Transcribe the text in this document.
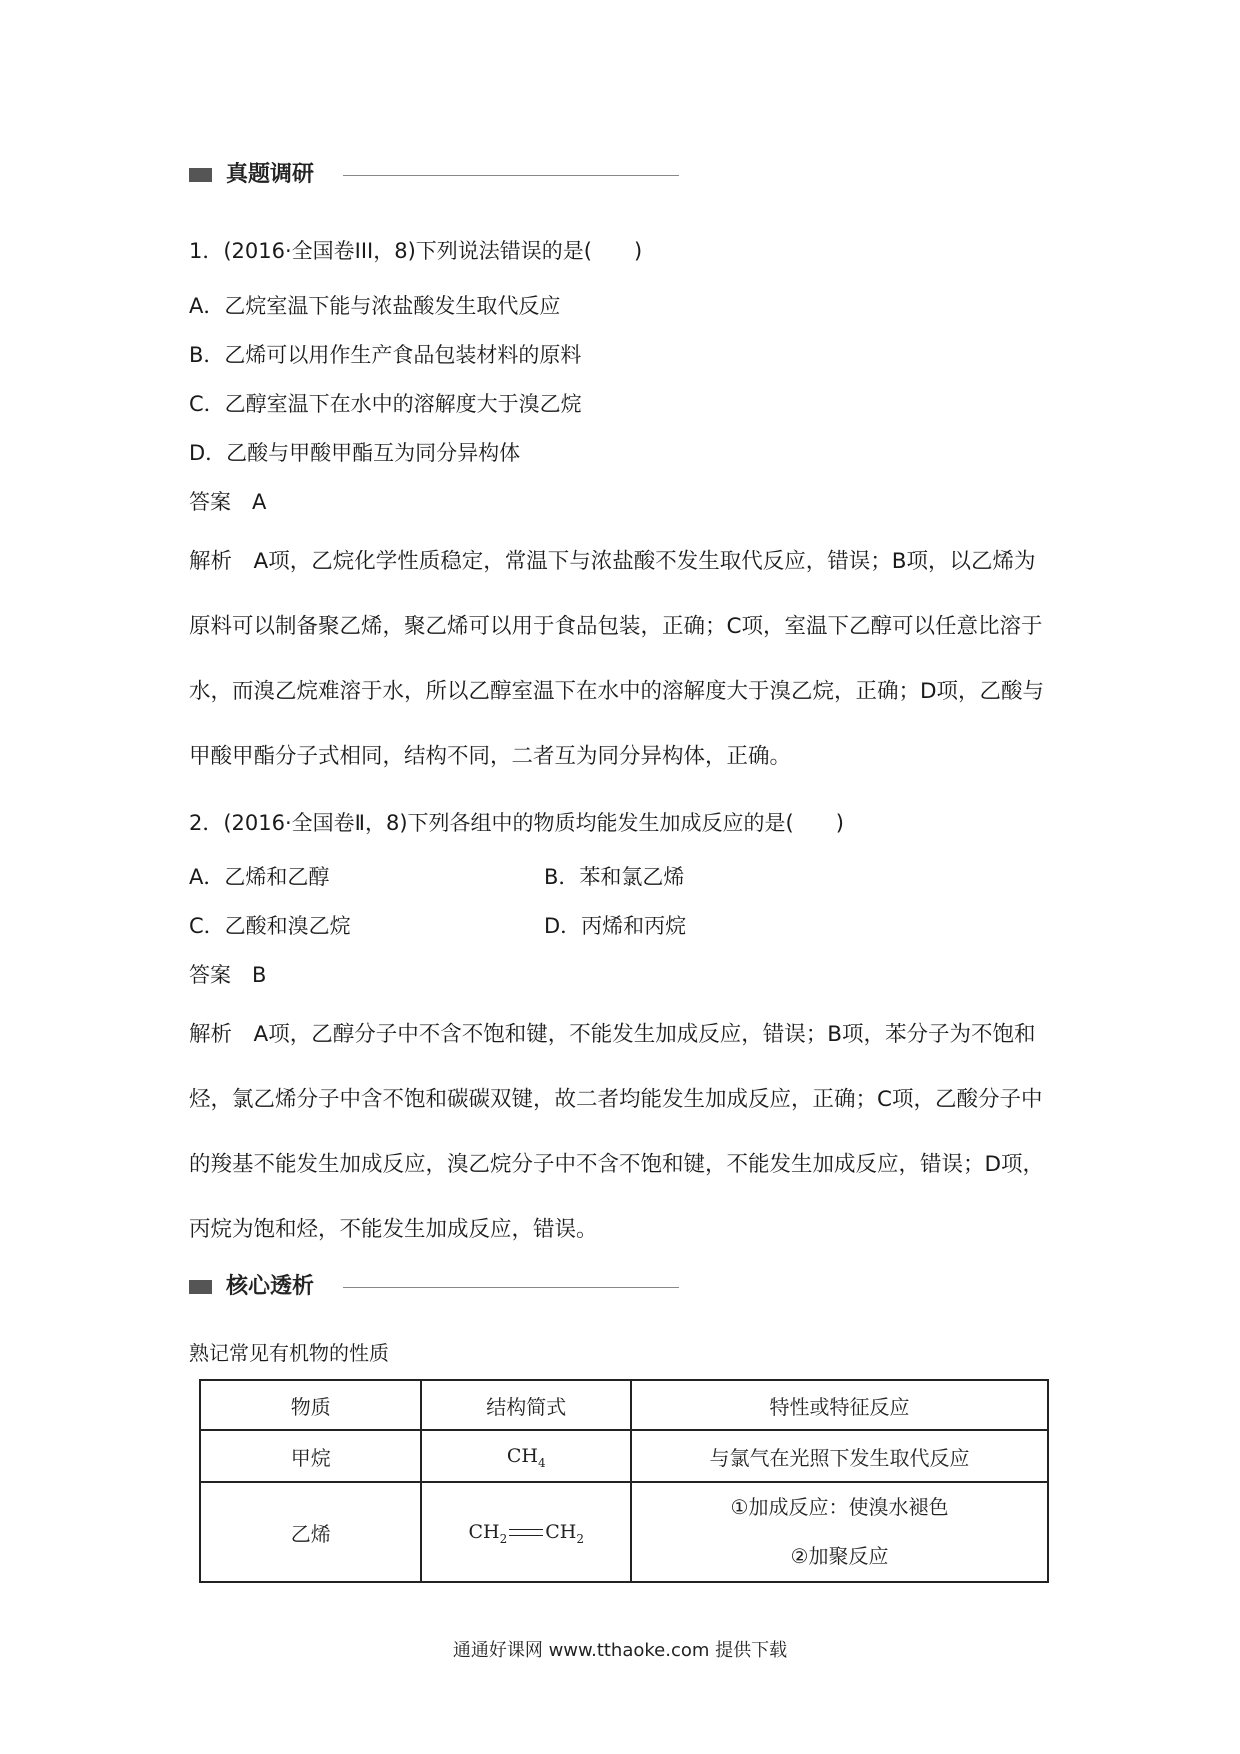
真题调研
1．(2016·全国卷III，8)下列说法错误的是(　　)
A．乙烷室温下能与浓盐酸发生取代反应
B．乙烯可以用作生产食品包装材料的原料
C．乙醇室温下在水中的溶解度大于溴乙烷
D．乙酸与甲酸甲酯互为同分异构体
答案　A
解析　A项，乙烷化学性质稳定，常温下与浓盐酸不发生取代反应，错误；B项，以乙烯为
原料可以制备聚乙烯，聚乙烯可以用于食品包装，正确；C项，室温下乙醇可以任意比溶于
水，而溴乙烷难溶于水，所以乙醇室温下在水中的溶解度大于溴乙烷，正确；D项，乙酸与
甲酸甲酯分子式相同，结构不同，二者互为同分异构体，正确。
2．(2016·全国卷Ⅱ，8)下列各组中的物质均能发生加成反应的是(　　)
A．乙烯和乙醇	B．苯和氯乙烯
C．乙酸和溴乙烷	D．丙烯和丙烷
答案　B
解析　A项，乙醇分子中不含不饱和键，不能发生加成反应，错误；B项，苯分子为不饱和
烃，氯乙烯分子中含不饱和碳碳双键，故二者均能发生加成反应，正确；C项，乙酸分子中
的羧基不能发生加成反应，溴乙烷分子中不含不饱和键，不能发生加成反应，错误；D项，
丙烷为饱和烃，不能发生加成反应，错误。
核心透析
熟记常见有机物的性质
物质	结构简式	特性或特征反应
甲烷	$CH_4$	与氯气在光照下发生取代反应
乙烯	$CH_2$ $CH_2$	①加成反应：使溴水褪色
②加聚反应
通通好课网 www.tthaoke.com 提供下载
